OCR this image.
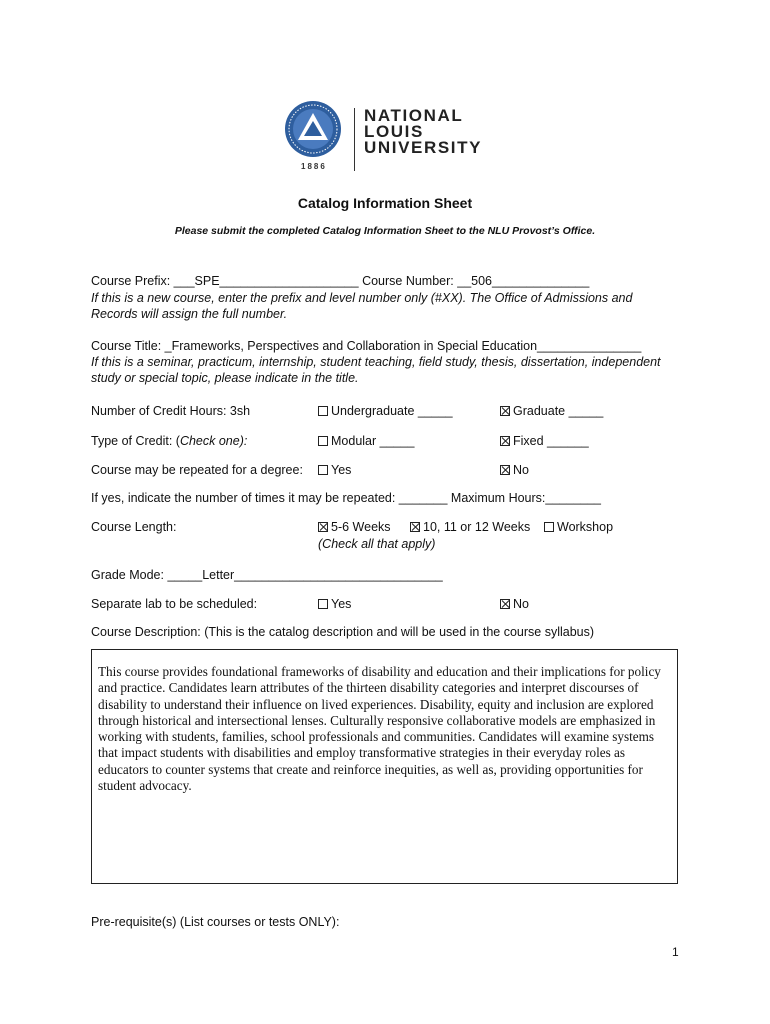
NATIONAL
LOUIS
UNIVERSITY
1886
Catalog Information Sheet
Please submit the completed Catalog Information Sheet to the NLU Provost’s Office.
Course Prefix: ___SPE____________________ Course Number: __506______________
If this is a new course, enter the prefix and level number only (#XX). The Office of Admissions and
Records will assign the full number.
Course Title: _Frameworks, Perspectives and Collaboration in Special Education_______________
If this is a seminar, practicum, internship, student teaching, field study, thesis, dissertation, independent
study or special topic, please indicate in the title.
Number of Credit Hours: 3sh	Undergraduate _____	Graduate _____
Type of Credit: (Check one):	Modular _____	Fixed ______
Course may be repeated for a degree:	Yes	No
If yes, indicate the number of times it may be repeated: _______ Maximum Hours:________
Course Length:	5-6 Weeks	10, 11 or 12 Weeks	Workshop
(Check all that apply)
Grade Mode: _____Letter______________________________
Separate lab to be scheduled:	Yes	No
Course Description: (This is the catalog description and will be used in the course syllabus)
This course provides foundational frameworks of disability and education and their implications for policy and practice. Candidates learn attributes of the thirteen disability categories and interpret discourses of disability to understand their influence on lived experiences. Disability, equity and inclusion are explored through historical and intersectional lenses. Culturally responsive collaborative models are emphasized in working with students, families, school professionals and communities. Candidates will examine systems that impact students with disabilities and employ transformative strategies in their everyday roles as educators to counter systems that create and reinforce inequities, as well as, providing opportunities for student advocacy.
Pre-requisite(s) (List courses or tests ONLY):
1
